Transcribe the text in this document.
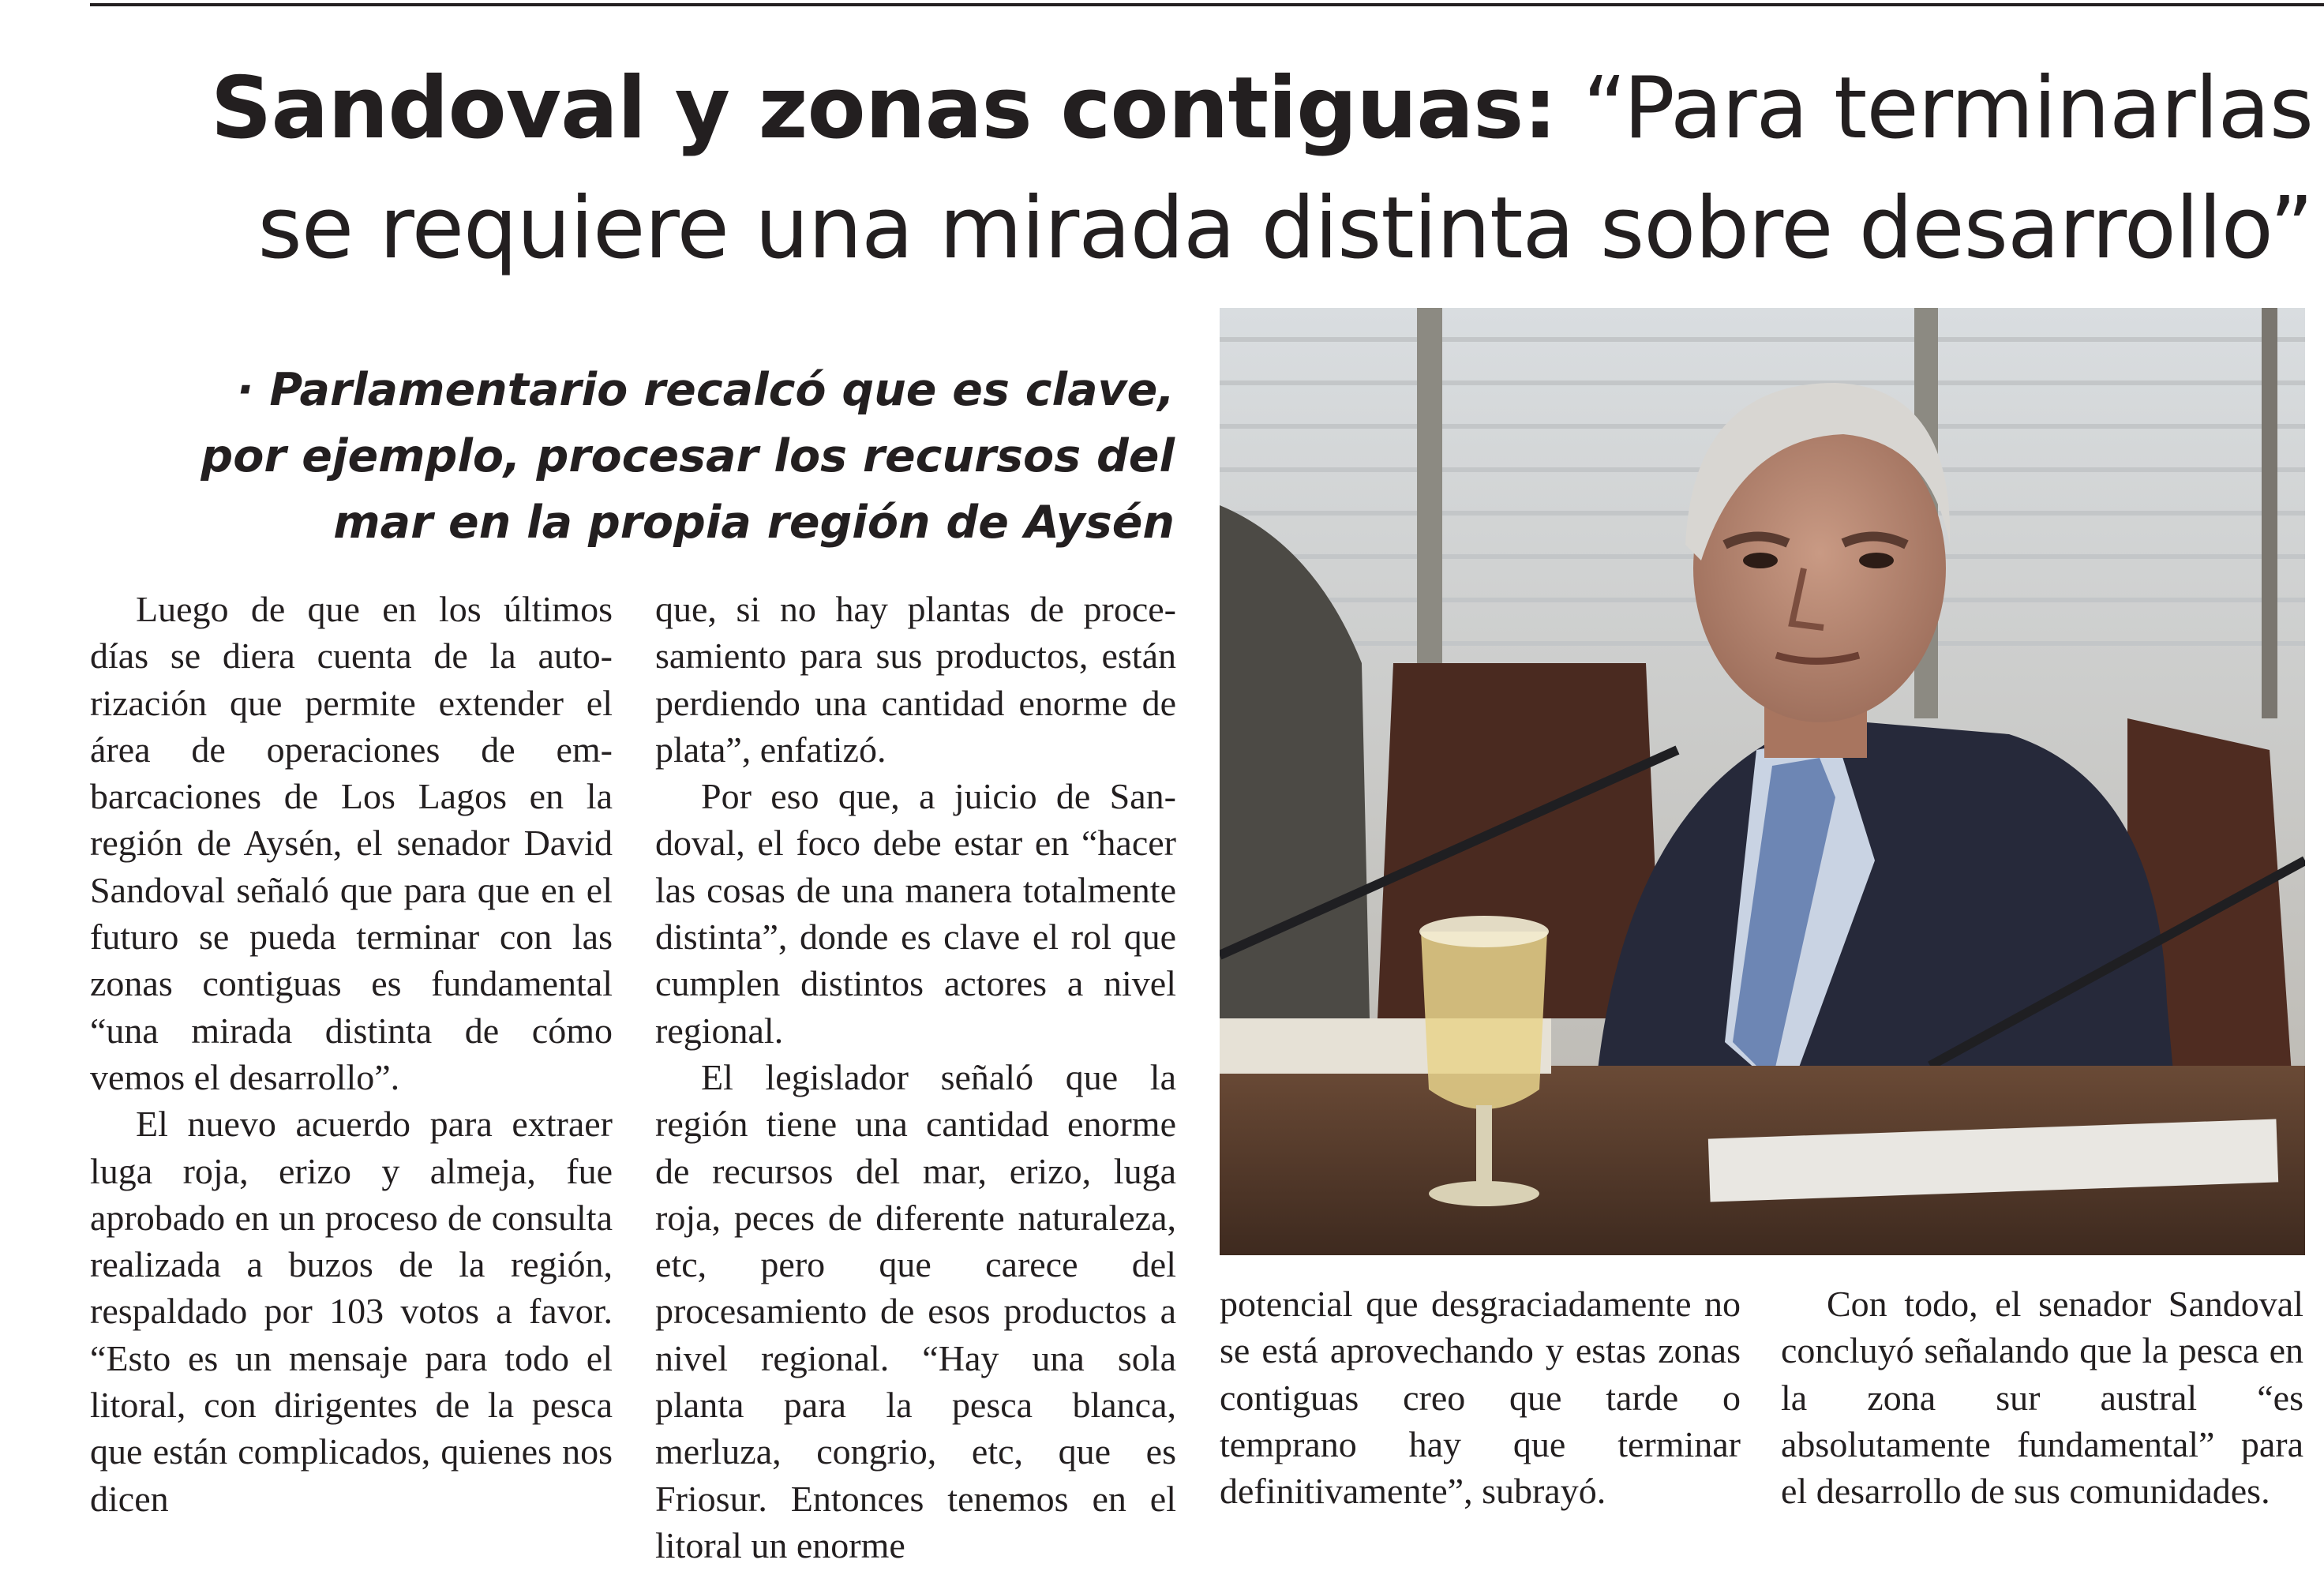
Sandoval y zonas contiguas: “Para terminarlas se requiere una mirada distinta sobre desarrollo”
· Parlamentario recalcó que es clave, por ejemplo, procesar los recursos del mar en la propia región de Aysén

Luego de que en los últimos días se diera cuenta de la autorización que permite extender el área de operaciones de embarcaciones de Los Lagos en la región de Aysén, el senador David Sandoval señaló que para que en el futuro se pueda terminar con las zonas contiguas es fundamental “una mirada distinta de cómo vemos el desarrollo”.

El nuevo acuerdo para extraer luga roja, erizo y almeja, fue aprobado en un proceso de consulta realizada a buzos de la región, respaldado por 103 votos a favor. “Esto es un mensaje para todo el litoral, con dirigentes de la pesca que están complicados, quienes nos dicen

que, si no hay plantas de procesamiento para sus productos, están perdiendo una cantidad enorme de plata”, enfatizó.

Por eso que, a juicio de Sandoval, el foco debe estar en “hacer las cosas de una manera totalmente distinta”, donde es clave el rol que cumplen distintos actores a nivel regional.

El legislador señaló que la región tiene una cantidad enorme de recursos del mar, erizo, luga roja, peces de diferente naturaleza, etc, pero que carece del procesamiento de esos productos a nivel regional. “Hay una sola planta para la pesca blanca, merluza, congrio, etc, que es Friosur. Entonces tenemos en el litoral un enorme

potencial que desgraciadamente no se está aprovechando y estas zonas contiguas creo que tarde o temprano hay que terminar definitivamente”, subrayó.

Con todo, el senador Sandoval concluyó señalando que la pesca en la zona sur austral “es absolutamente fundamental” para el desarrollo de sus comunidades.
